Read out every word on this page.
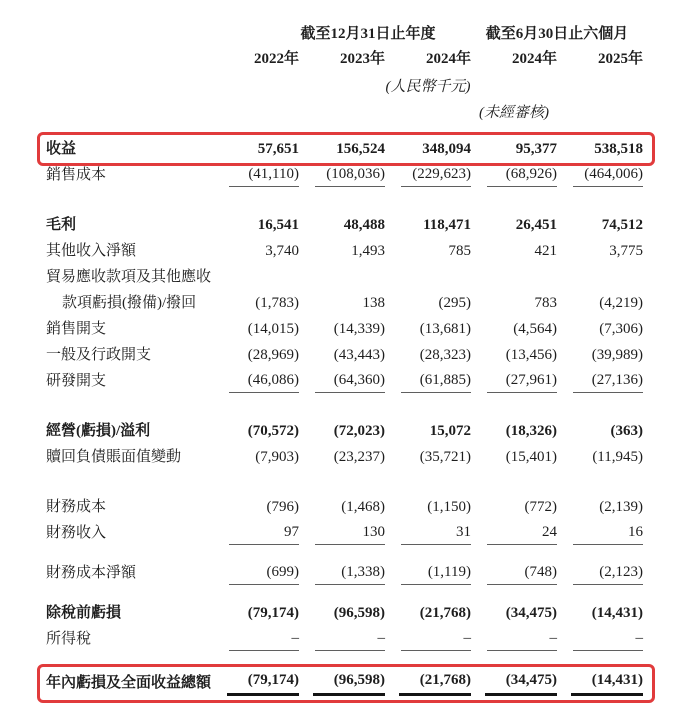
截至12月31日止年度	截至6月30日止六個月
2022年	2023年	2024年	2024年	2025年
(人民幣千元)
(未經審核)
收益	57,651	156,524	348,094	95,377	538,518
銷售成本	(41,110)	(108,036)	(229,623)	(68,926)	(464,006)
毛利	16,541	48,488	118,471	26,451	74,512
其他收入淨額	3,740	1,493	785	421	3,775
貿易應收款項及其他應收
款項虧損(撥備)/撥回	(1,783)	138	(295)	783	(4,219)
銷售開支	(14,015)	(14,339)	(13,681)	(4,564)	(7,306)
一般及行政開支	(28,969)	(43,443)	(28,323)	(13,456)	(39,989)
研發開支	(46,086)	(64,360)	(61,885)	(27,961)	(27,136)
經營(虧損)/溢利	(70,572)	(72,023)	15,072	(18,326)	(363)
贖回負債賬面值變動	(7,903)	(23,237)	(35,721)	(15,401)	(11,945)
財務成本	(796)	(1,468)	(1,150)	(772)	(2,139)
財務收入	97	130	31	24	16
財務成本淨額	(699)	(1,338)	(1,119)	(748)	(2,123)
除稅前虧損	(79,174)	(96,598)	(21,768)	(34,475)	(14,431)
所得稅	–	–	–	–	–
年內虧損及全面收益總額	(79,174)	(96,598)	(21,768)	(34,475)	(14,431)
